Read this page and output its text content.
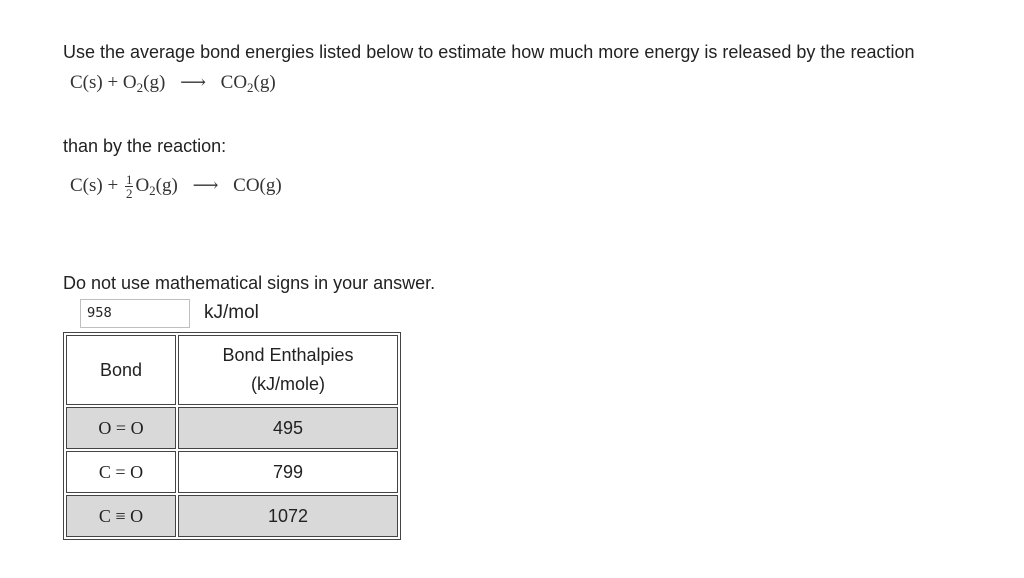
Use the average bond energies listed below to estimate how much more energy is released by the reaction
$C(s) + O_2(g)$ ⟶ $CO_2(g)$
than by the reaction:
$C(s) + \frac{1}{2} O_2(g)$ ⟶ CO(g)
Do not use mathematical signs in your answer.
958
kJ/mol
Bond	Bond Enthalpies
(kJ/mole)

O = O	495
C = O	799
C ≡ O	1072
